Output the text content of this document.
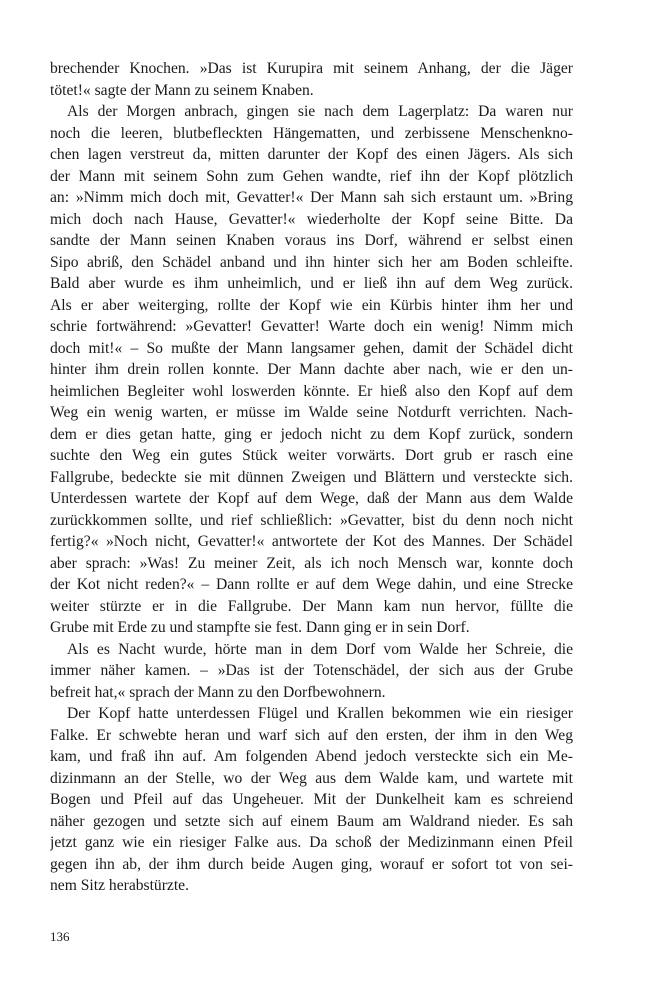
brechender Knochen. »Das ist Kurupira mit seinem Anhang, der die Jäger
tötet!« sagte der Mann zu seinem Knaben.
Als der Morgen anbrach, gingen sie nach dem Lagerplatz: Da waren nur
noch die leeren, blutbefleckten Hängematten, und zerbissene Menschenkno-
chen lagen verstreut da, mitten darunter der Kopf des einen Jägers. Als sich
der Mann mit seinem Sohn zum Gehen wandte, rief ihn der Kopf plötzlich
an: »Nimm mich doch mit, Gevatter!« Der Mann sah sich erstaunt um. »Bring
mich doch nach Hause, Gevatter!« wiederholte der Kopf seine Bitte. Da
sandte der Mann seinen Knaben voraus ins Dorf, während er selbst einen
Sipo abriß, den Schädel anband und ihn hinter sich her am Boden schleifte.
Bald aber wurde es ihm unheimlich, und er ließ ihn auf dem Weg zurück.
Als er aber weiterging, rollte der Kopf wie ein Kürbis hinter ihm her und
schrie fortwährend: »Gevatter! Gevatter! Warte doch ein wenig! Nimm mich
doch mit!« – So mußte der Mann langsamer gehen, damit der Schädel dicht
hinter ihm drein rollen konnte. Der Mann dachte aber nach, wie er den un-
heimlichen Begleiter wohl loswerden könnte. Er hieß also den Kopf auf dem
Weg ein wenig warten, er müsse im Walde seine Notdurft verrichten. Nach-
dem er dies getan hatte, ging er jedoch nicht zu dem Kopf zurück, sondern
suchte den Weg ein gutes Stück weiter vorwärts. Dort grub er rasch eine
Fallgrube, bedeckte sie mit dünnen Zweigen und Blättern und versteckte sich.
Unterdessen wartete der Kopf auf dem Wege, daß der Mann aus dem Walde
zurückkommen sollte, und rief schließlich: »Gevatter, bist du denn noch nicht
fertig?« »Noch nicht, Gevatter!« antwortete der Kot des Mannes. Der Schädel
aber sprach: »Was! Zu meiner Zeit, als ich noch Mensch war, konnte doch
der Kot nicht reden?« – Dann rollte er auf dem Wege dahin, und eine Strecke
weiter stürzte er in die Fallgrube. Der Mann kam nun hervor, füllte die
Grube mit Erde zu und stampfte sie fest. Dann ging er in sein Dorf.
Als es Nacht wurde, hörte man in dem Dorf vom Walde her Schreie, die
immer näher kamen. – »Das ist der Totenschädel, der sich aus der Grube
befreit hat,« sprach der Mann zu den Dorfbewohnern.
Der Kopf hatte unterdessen Flügel und Krallen bekommen wie ein riesiger
Falke. Er schwebte heran und warf sich auf den ersten, der ihm in den Weg
kam, und fraß ihn auf. Am folgenden Abend jedoch versteckte sich ein Me-
dizinmann an der Stelle, wo der Weg aus dem Walde kam, und wartete mit
Bogen und Pfeil auf das Ungeheuer. Mit der Dunkelheit kam es schreiend
näher gezogen und setzte sich auf einem Baum am Waldrand nieder. Es sah
jetzt ganz wie ein riesiger Falke aus. Da schoß der Medizinmann einen Pfeil
gegen ihn ab, der ihm durch beide Augen ging, worauf er sofort tot von sei-
nem Sitz herabstürzte.
136
